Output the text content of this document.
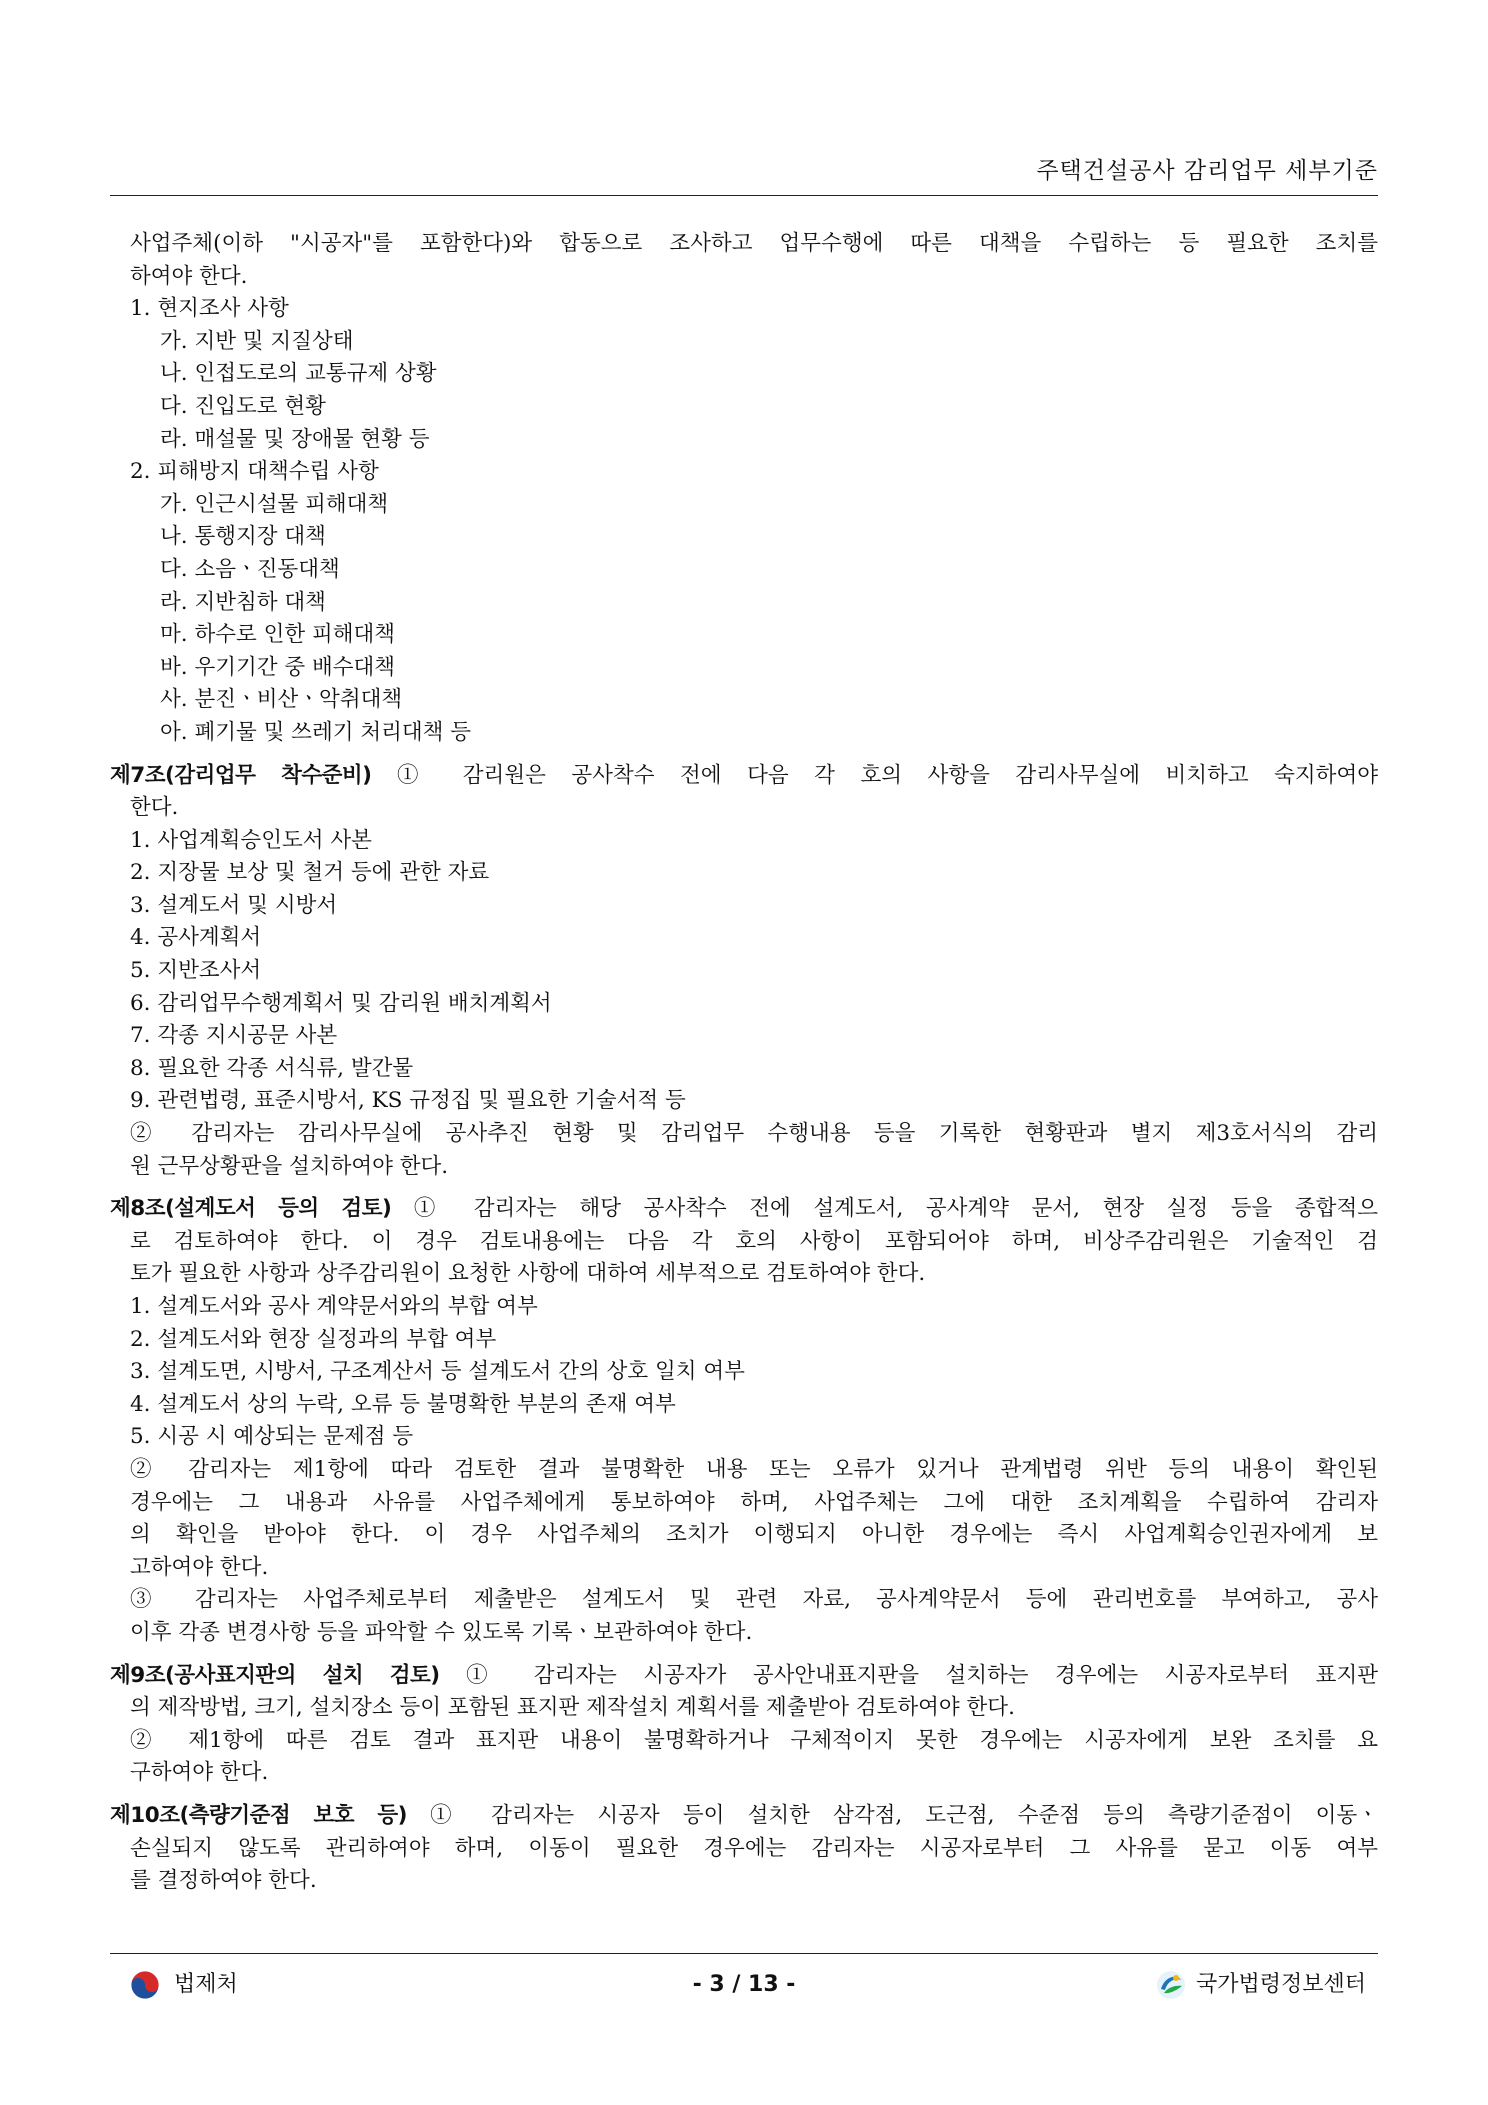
주택건설공사 감리업무 세부기준
사업주체(이하 "시공자"를 포함한다)와 합동으로 조사하고 업무수행에 따른 대책을 수립하는 등 필요한 조치를
하여야 한다.
1. 현지조사 사항
가. 지반 및 지질상태
나. 인접도로의 교통규제 상황
다. 진입도로 현황
라. 매설물 및 장애물 현황 등
2. 피해방지 대책수립 사항
가. 인근시설물 피해대책
나. 통행지장 대책
다. 소음ㆍ진동대책
라. 지반침하 대책
마. 하수로 인한 피해대책
바. 우기기간 중 배수대책
사. 분진ㆍ비산ㆍ악취대책
아. 폐기물 및 쓰레기 처리대책 등
제7조(감리업무 착수준비) ① 감리원은 공사착수 전에 다음 각 호의 사항을 감리사무실에 비치하고 숙지하여야
한다.
1. 사업계획승인도서 사본
2. 지장물 보상 및 철거 등에 관한 자료
3. 설계도서 및 시방서
4. 공사계획서
5. 지반조사서
6. 감리업무수행계획서 및 감리원 배치계획서
7. 각종 지시공문 사본
8. 필요한 각종 서식류, 발간물
9. 관련법령, 표준시방서, KS 규정집 및 필요한 기술서적 등
② 감리자는 감리사무실에 공사추진 현황 및 감리업무 수행내용 등을 기록한 현황판과 별지 제3호서식의 감리
원 근무상황판을 설치하여야 한다.
제8조(설계도서 등의 검토) ① 감리자는 해당 공사착수 전에 설계도서, 공사계약 문서, 현장 실정 등을 종합적으
로 검토하여야 한다. 이 경우 검토내용에는 다음 각 호의 사항이 포함되어야 하며, 비상주감리원은 기술적인 검
토가 필요한 사항과 상주감리원이 요청한 사항에 대하여 세부적으로 검토하여야 한다.
1. 설계도서와 공사 계약문서와의 부합 여부
2. 설계도서와 현장 실정과의 부합 여부
3. 설계도면, 시방서, 구조계산서 등 설계도서 간의 상호 일치 여부
4. 설계도서 상의 누락, 오류 등 불명확한 부분의 존재 여부
5. 시공 시 예상되는 문제점 등
② 감리자는 제1항에 따라 검토한 결과 불명확한 내용 또는 오류가 있거나 관계법령 위반 등의 내용이 확인된
경우에는 그 내용과 사유를 사업주체에게 통보하여야 하며, 사업주체는 그에 대한 조치계획을 수립하여 감리자
의 확인을 받아야 한다. 이 경우 사업주체의 조치가 이행되지 아니한 경우에는 즉시 사업계획승인권자에게 보
고하여야 한다.
③ 감리자는 사업주체로부터 제출받은 설계도서 및 관련 자료, 공사계약문서 등에 관리번호를 부여하고, 공사
이후 각종 변경사항 등을 파악할 수 있도록 기록ㆍ보관하여야 한다.
제9조(공사표지판의 설치 검토) ① 감리자는 시공자가 공사안내표지판을 설치하는 경우에는 시공자로부터 표지판
의 제작방법, 크기, 설치장소 등이 포함된 표지판 제작설치 계획서를 제출받아 검토하여야 한다.
② 제1항에 따른 검토 결과 표지판 내용이 불명확하거나 구체적이지 못한 경우에는 시공자에게 보완 조치를 요
구하여야 한다.
제10조(측량기준점 보호 등) ① 감리자는 시공자 등이 설치한 삼각점, 도근점, 수준점 등의 측량기준점이 이동ㆍ
손실되지 않도록 관리하여야 하며, 이동이 필요한 경우에는 감리자는 시공자로부터 그 사유를 묻고 이동 여부
를 결정하여야 한다.
법제처	- 3 / 13 -	국가법령정보센터
